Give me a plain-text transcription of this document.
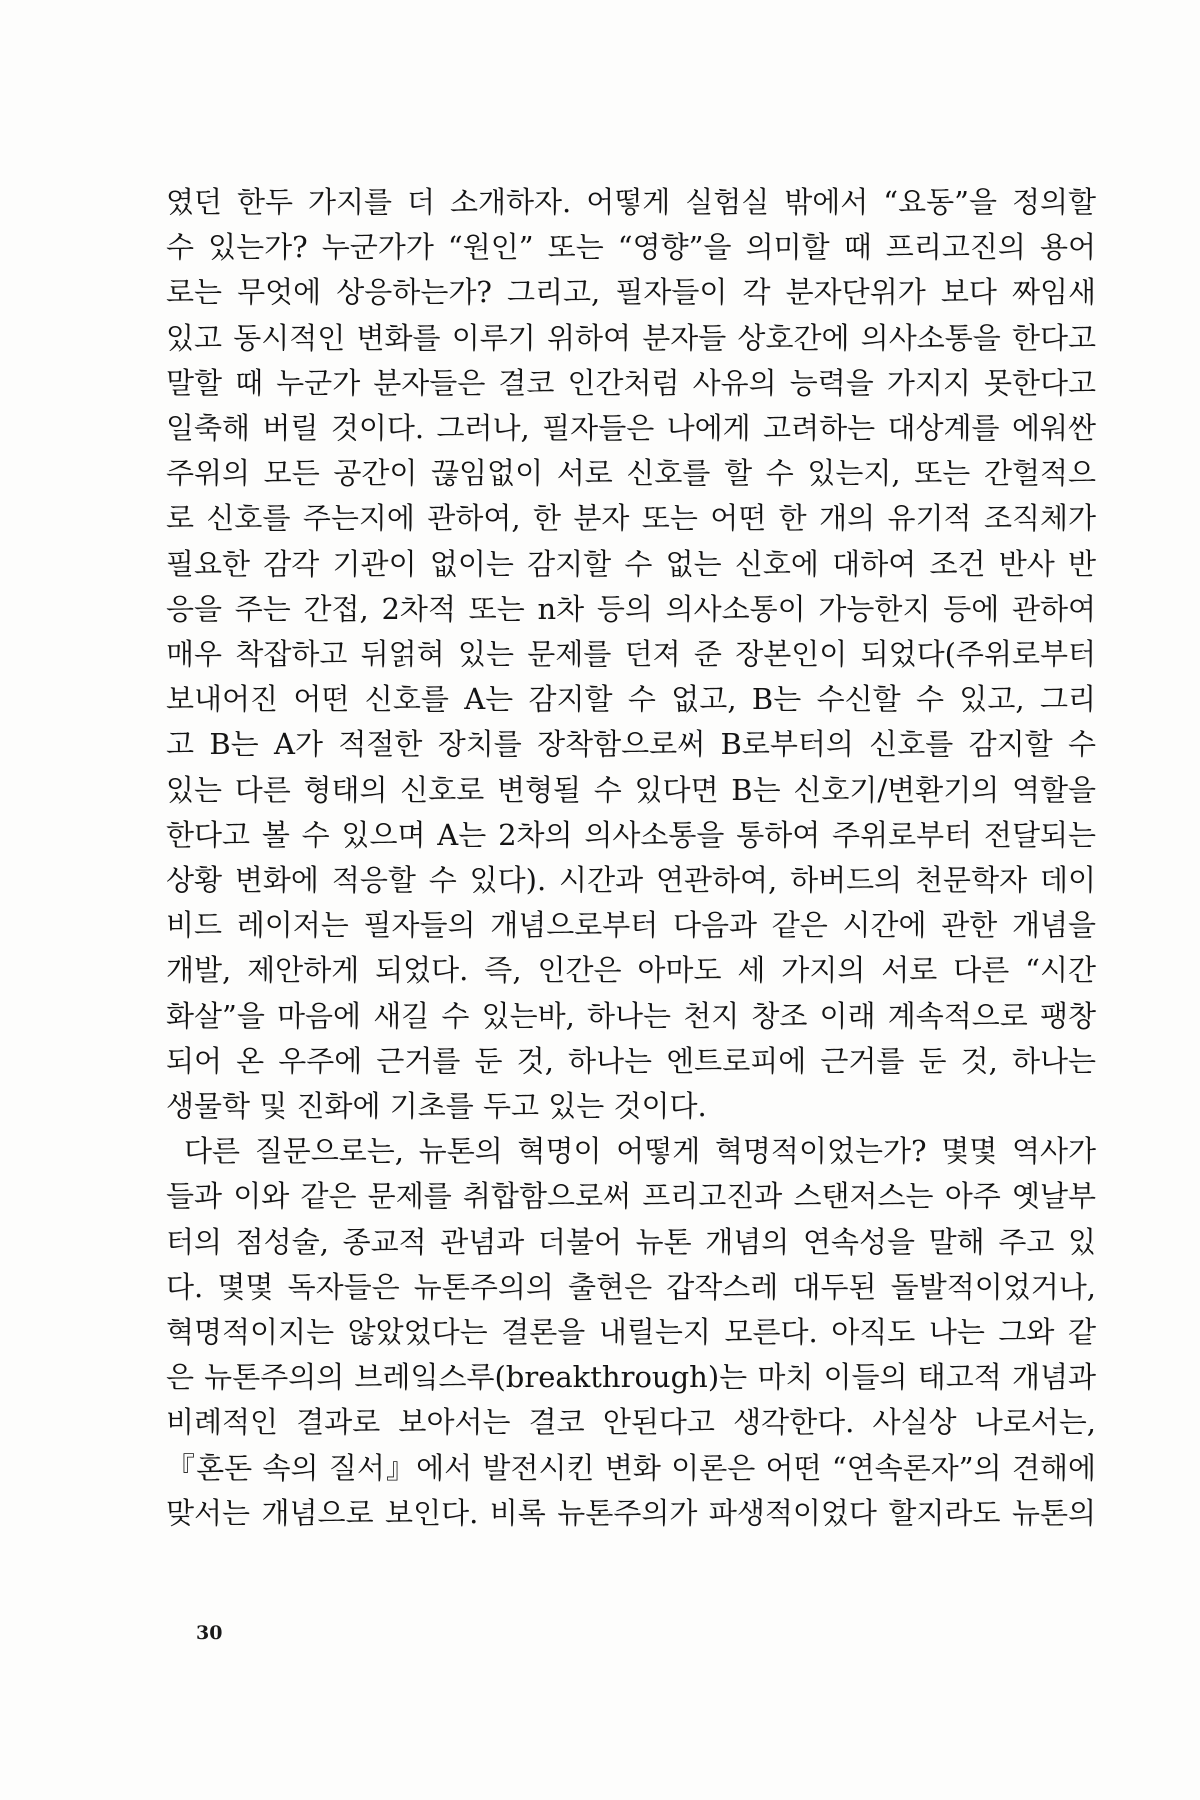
였던 한두 가지를 더 소개하자. 어떻게 실험실 밖에서 “요동”을 정의할
수 있는가? 누군가가 “원인” 또는 “영향”을 의미할 때 프리고진의 용어
로는 무엇에 상응하는가? 그리고, 필자들이 각 분자단위가 보다 짜임새
있고 동시적인 변화를 이루기 위하여 분자들 상호간에 의사소통을 한다고
말할 때 누군가 분자들은 결코 인간처럼 사유의 능력을 가지지 못한다고
일축해 버릴 것이다. 그러나, 필자들은 나에게 고려하는 대상계를 에워싼
주위의 모든 공간이 끊임없이 서로 신호를 할 수 있는지, 또는 간헐적으
로 신호를 주는지에 관하여, 한 분자 또는 어떤 한 개의 유기적 조직체가
필요한 감각 기관이 없이는 감지할 수 없는 신호에 대하여 조건 반사 반
응을 주는 간접, 2차적 또는 n차 등의 의사소통이 가능한지 등에 관하여
매우 착잡하고 뒤얽혀 있는 문제를 던져 준 장본인이 되었다(주위로부터
보내어진 어떤 신호를 A는 감지할 수 없고, B는 수신할 수 있고, 그리
고 B는 A가 적절한 장치를 장착함으로써 B로부터의 신호를 감지할 수
있는 다른 형태의 신호로 변형될 수 있다면 B는 신호기/변환기의 역할을
한다고 볼 수 있으며 A는 2차의 의사소통을 통하여 주위로부터 전달되는
상황 변화에 적응할 수 있다). 시간과 연관하여, 하버드의 천문학자 데이
비드 레이저는 필자들의 개념으로부터 다음과 같은 시간에 관한 개념을
개발, 제안하게 되었다. 즉, 인간은 아마도 세 가지의 서로 다른 “시간
화살”을 마음에 새길 수 있는바, 하나는 천지 창조 이래 계속적으로 팽창
되어 온 우주에 근거를 둔 것, 하나는 엔트로피에 근거를 둔 것, 하나는
생물학 및 진화에 기초를 두고 있는 것이다.

다른 질문으로는, 뉴톤의 혁명이 어떻게 혁명적이었는가? 몇몇 역사가
들과 이와 같은 문제를 취합함으로써 프리고진과 스탠저스는 아주 옛날부
터의 점성술, 종교적 관념과 더불어 뉴톤 개념의 연속성을 말해 주고 있
다. 몇몇 독자들은 뉴톤주의의 출현은 갑작스레 대두된 돌발적이었거나,
혁명적이지는 않았었다는 결론을 내릴는지 모른다. 아직도 나는 그와 같
은 뉴톤주의의 브레잌스루(breakthrough)는 마치 이들의 태고적 개념과
비례적인 결과로 보아서는 결코 안된다고 생각한다. 사실상 나로서는,
『혼돈 속의 질서』에서 발전시킨 변화 이론은 어떤 “연속론자”의 견해에
맞서는 개념으로 보인다. 비록 뉴톤주의가 파생적이었다 할지라도 뉴톤의

30
